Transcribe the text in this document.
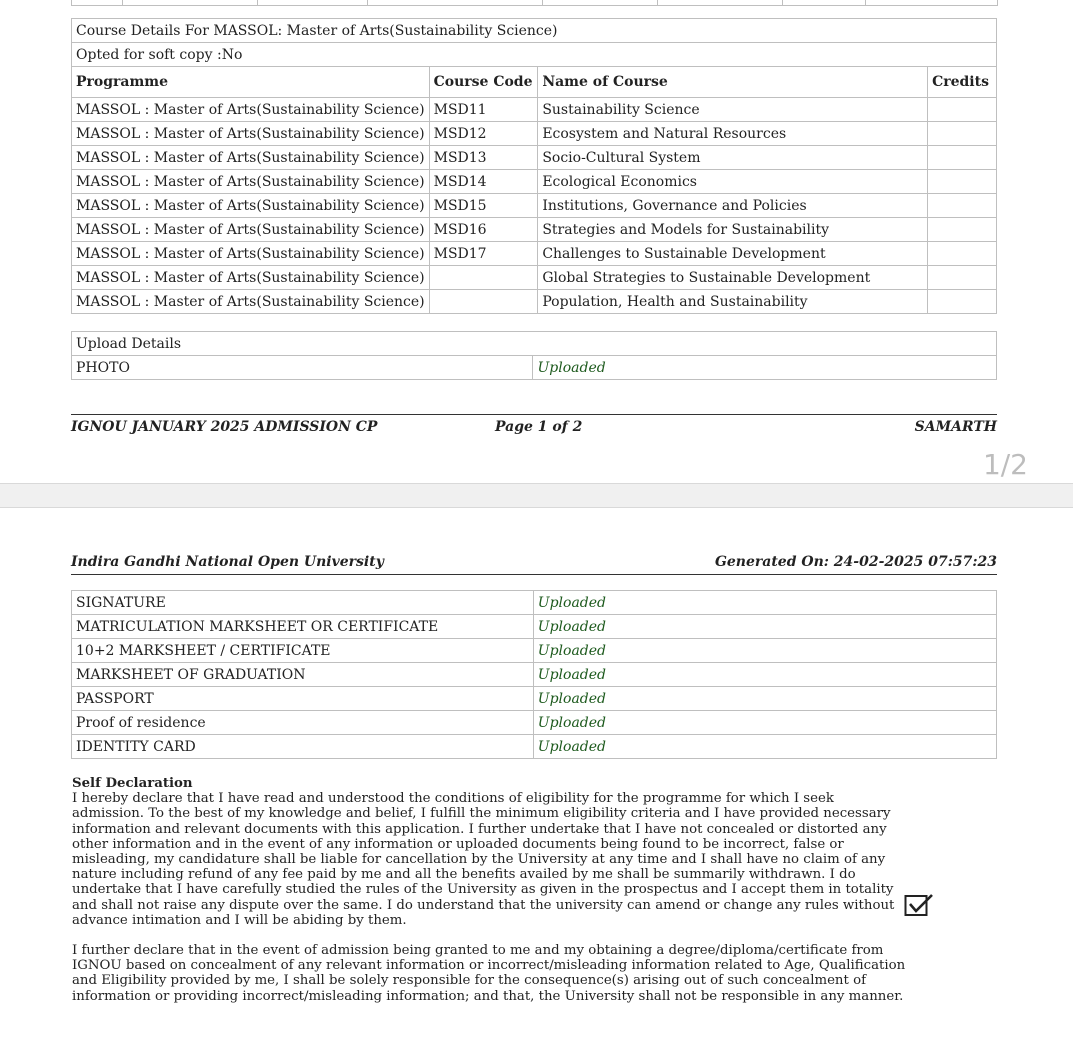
Course Details For MASSOL: Master of Arts(Sustainability Science)			
Opted for soft copy :No			
Programme	Course Code	Name of Course	Credits
MASSOL : Master of Arts(Sustainability Science)	MSD11	Sustainability Science	
MASSOL : Master of Arts(Sustainability Science)	MSD12	Ecosystem and Natural Resources	
MASSOL : Master of Arts(Sustainability Science)	MSD13	Socio-Cultural System	
MASSOL : Master of Arts(Sustainability Science)	MSD14	Ecological Economics	
MASSOL : Master of Arts(Sustainability Science)	MSD15	Institutions, Governance and Policies	
MASSOL : Master of Arts(Sustainability Science)	MSD16	Strategies and Models for Sustainability	
MASSOL : Master of Arts(Sustainability Science)	MSD17	Challenges to Sustainable Development	
MASSOL : Master of Arts(Sustainability Science)		Global Strategies to Sustainable Development	
MASSOL : Master of Arts(Sustainability Science)		Population, Health and Sustainability	
Upload Details
PHOTO	Uploaded
IGNOU JANUARY 2025 ADMISSION CP	Page 1 of 2	SAMARTH
1/2
Indira Gandhi National Open University	Generated On: 24-02-2025 07:57:23
SIGNATURE	Uploaded
MATRICULATION MARKSHEET OR CERTIFICATE	Uploaded
10+2 MARKSHEET / CERTIFICATE	Uploaded
MARKSHEET OF GRADUATION	Uploaded
PASSPORT	Uploaded
Proof of residence	Uploaded
IDENTITY CARD	Uploaded
Self Declaration
I hereby declare that I have read and understood the conditions of eligibility for the programme for which I seek
admission. To the best of my knowledge and belief, I fulfill the minimum eligibility criteria and I have provided necessary
information and relevant documents with this application. I further undertake that I have not concealed or distorted any
other information and in the event of any information or uploaded documents being found to be incorrect, false or
misleading, my candidature shall be liable for cancellation by the University at any time and I shall have no claim of any
nature including refund of any fee paid by me and all the benefits availed by me shall be summarily withdrawn. I do
undertake that I have carefully studied the rules of the University as given in the prospectus and I accept them in totality
and shall not raise any dispute over the same. I do understand that the university can amend or change any rules without
advance intimation and I will be abiding by them.
I further declare that in the event of admission being granted to me and my obtaining a degree/diploma/certificate from
IGNOU based on concealment of any relevant information or incorrect/misleading information related to Age, Qualification
and Eligibility provided by me, I shall be solely responsible for the consequence(s) arising out of such concealment of
information or providing incorrect/misleading information; and that, the University shall not be responsible in any manner.
